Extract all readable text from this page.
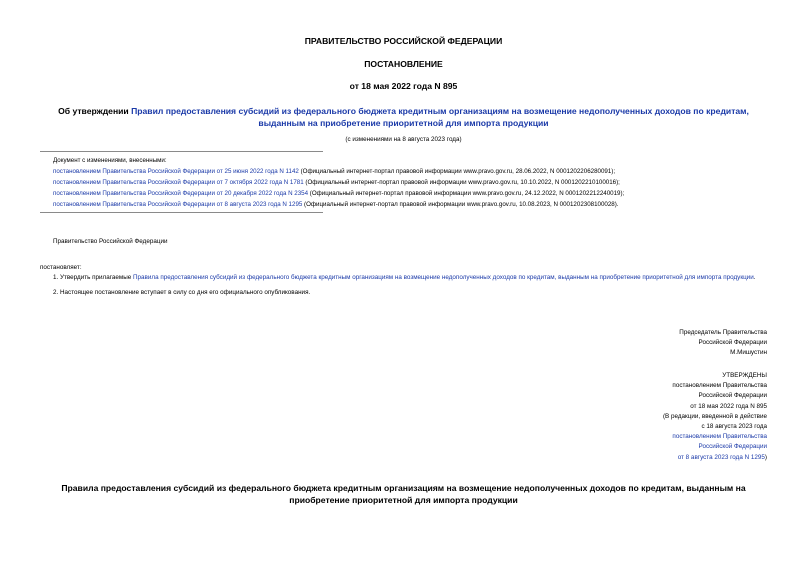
ПРАВИТЕЛЬСТВО РОССИЙСКОЙ ФЕДЕРАЦИИ
ПОСТАНОВЛЕНИЕ
от 18 мая 2022 года N 895
Об утверждении Правил предоставления субсидий из федерального бюджета кредитным организациям на возмещение недополученных доходов по кредитам, выданным на приобретение приоритетной для импорта продукции
(с изменениями на 8 августа 2023 года)
Документ с изменениями, внесенными:
постановлением Правительства Российской Федерации от 25 июня 2022 года N 1142 (Официальный интернет-портал правовой информации www.pravo.gov.ru, 28.06.2022, N 0001202206280091);
постановлением Правительства Российской Федерации от 7 октября 2022 года N 1781 (Официальный интернет-портал правовой информации www.pravo.gov.ru, 10.10.2022, N 0001202210100016);
постановлением Правительства Российской Федерации от 20 декабря 2022 года N 2354 (Официальный интернет-портал правовой информации www.pravo.gov.ru, 24.12.2022, N 0001202212240019);
постановлением Правительства Российской Федерации от 8 августа 2023 года N 1295 (Официальный интернет-портал правовой информации www.pravo.gov.ru, 10.08.2023, N 0001202308100028).
Правительство Российской Федерации

постановляет:

1. Утвердить прилагаемые Правила предоставления субсидий из федерального бюджета кредитным организациям на возмещение недополученных доходов по кредитам, выданным на приобретение приоритетной для импорта продукции.

2. Настоящее постановление вступает в силу со дня его официального опубликования.

Председатель Правительства
Российской Федерации
М.Мишустин
УТВЕРЖДЕНЫ
постановлением Правительства
Российской Федерации
от 18 мая 2022 года N 895
(В редакции, введенной в действие
с 18 августа 2023 года
постановлением Правительства
Российской Федерации
от 8 августа 2023 года N 1295)
Правила предоставления субсидий из федерального бюджета кредитным организациям на возмещение недополученных доходов по кредитам, выданным на приобретение приоритетной для импорта продукции
